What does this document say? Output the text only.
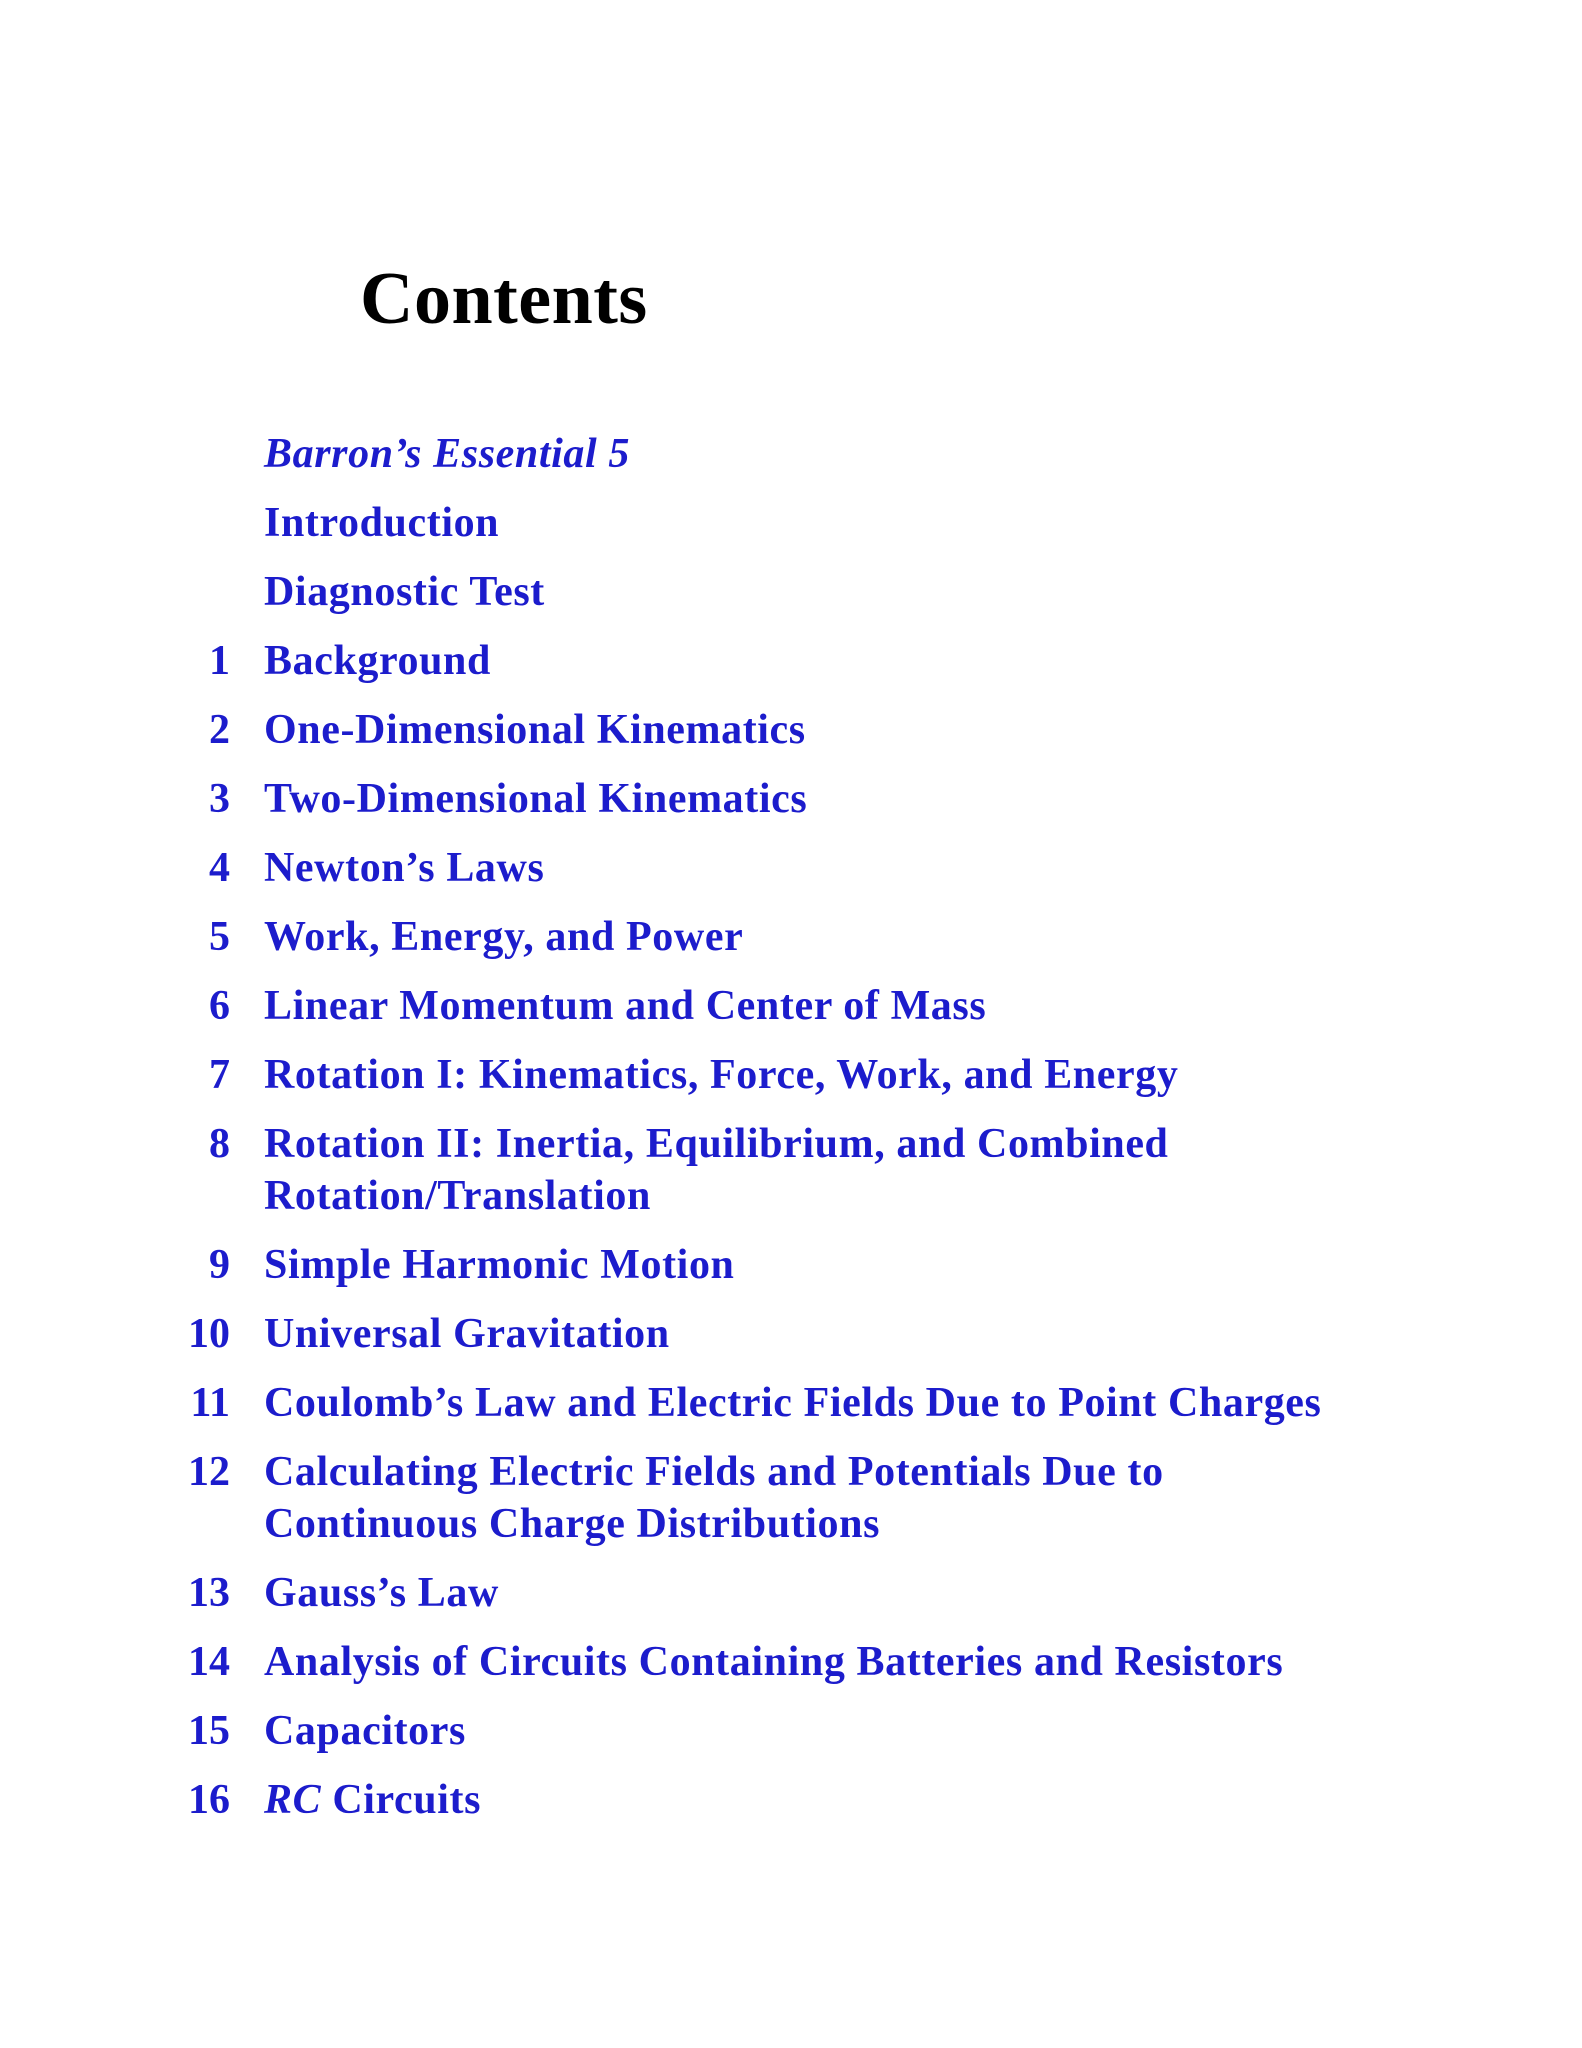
Contents
Barron’s Essential 5
Introduction
Diagnostic Test
1 Background
2 One-Dimensional Kinematics
3 Two-Dimensional Kinematics
4 Newton’s Laws
5 Work, Energy, and Power
6 Linear Momentum and Center of Mass
7 Rotation I: Kinematics, Force, Work, and Energy
8 Rotation II: Inertia, Equilibrium, and Combined
Rotation/Translation
9 Simple Harmonic Motion
10 Universal Gravitation
11 Coulomb’s Law and Electric Fields Due to Point Charges
12 Calculating Electric Fields and Potentials Due to
Continuous Charge Distributions
13 Gauss’s Law
14 Analysis of Circuits Containing Batteries and Resistors
15 Capacitors
16 RC Circuits
